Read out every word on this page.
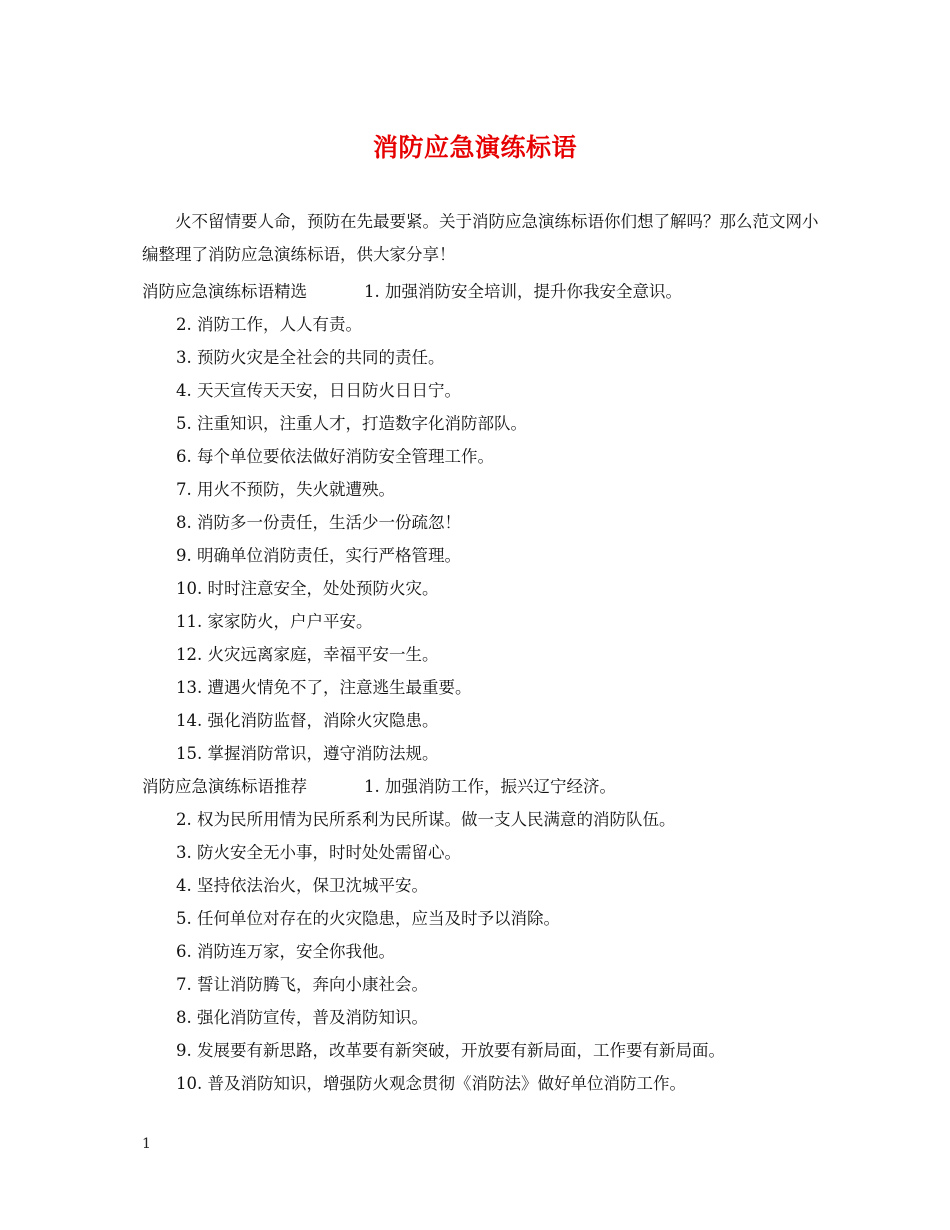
消防应急演练标语
火不留情要人命，预防在先最要紧。关于消防应急演练标语你们想了解吗？那么范文网小编整理了消防应急演练标语，供大家分享！
消防应急演练标语精选	1. 加强消防安全培训，提升你我安全意识。
2. 消防工作，人人有责。
3. 预防火灾是全社会的共同的责任。
4. 天天宣传天天安，日日防火日日宁。
5. 注重知识，注重人才，打造数字化消防部队。
6. 每个单位要依法做好消防安全管理工作。
7. 用火不预防，失火就遭殃。
8. 消防多一份责任，生活少一份疏忽！
9. 明确单位消防责任，实行严格管理。
10. 时时注意安全，处处预防火灾。
11. 家家防火，户户平安。
12. 火灾远离家庭，幸福平安一生。
13. 遭遇火情免不了，注意逃生最重要。
14. 强化消防监督，消除火灾隐患。
15. 掌握消防常识，遵守消防法规。
消防应急演练标语推荐	1. 加强消防工作，振兴辽宁经济。
2. 权为民所用情为民所系利为民所谋。做一支人民满意的消防队伍。
3. 防火安全无小事，时时处处需留心。
4. 坚持依法治火，保卫沈城平安。
5. 任何单位对存在的火灾隐患，应当及时予以消除。
6. 消防连万家，安全你我他。
7. 誓让消防腾飞，奔向小康社会。
8. 强化消防宣传，普及消防知识。
9. 发展要有新思路，改革要有新突破，开放要有新局面，工作要有新局面。
10. 普及消防知识，增强防火观念贯彻《消防法》做好单位消防工作。
1
